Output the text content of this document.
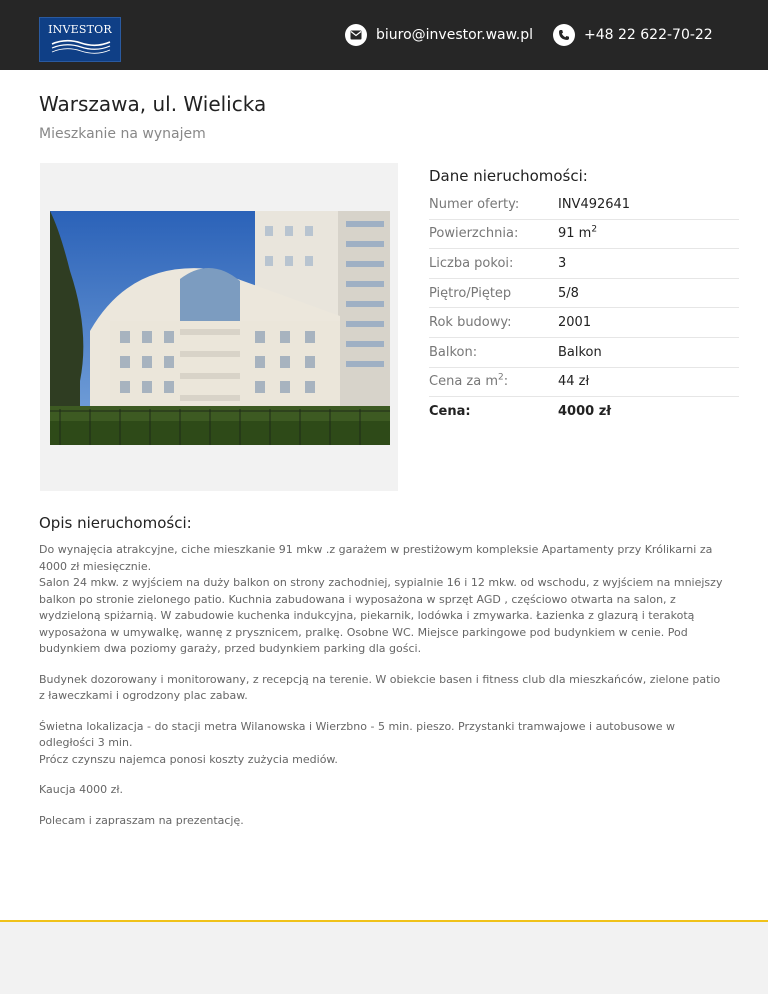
INVESTOR	biuro@investor.waw.pl	+48 22 622-70-22
Warszawa, ul. Wielicka
Mieszkanie na wynajem
Dane nieruchomości:
Numer oferty:	INV492641
Powierzchnia:	91 $m^2$
Liczba pokoi:	3
Piętro/Piętер	5/8
Rok budowy:	2001
Balkon:	Balkon
Cena za $m^2$:	44 zł
Cena:	4000 zł
Opis nieruchomości:

Do wynajęcia atrakcyjne, ciche mieszkanie 91 mkw .z garażem w prestiżowym kompleksie Apartamenty przy Królikarni za 4000 zł miesięcznie.
Salon 24 mkw. z wyjściem na duży balkon on strony zachodniej, sypialnie 16 i 12 mkw. od wschodu, z wyjściem na mniejszy balkon po stronie zielonego patio. Kuchnia zabudowana i wyposażona w sprzęt AGD , częściowo otwarta na salon, z wydzieloną spiżarnią. W zabudowie kuchenka indukcyjna, piekarnik, lodówka i zmywarka. Łazienka z glazurą i terakotą wyposażona w umywalkę, wannę z prysznicem, pralkę. Osobne WC. Miejsce parkingowe pod budynkiem w cenie. Pod budynkiem dwa poziomy garaży, przed budynkiem parking dla gości.

Budynek dozorowany i monitorowany, z recepcją na terenie. W obiekcie basen i fitness club dla mieszkańców, zielone patio z ławeczkami i ogrodzony plac zabaw.

Świetna lokalizacja - do stacji metra Wilanowska i Wierzbno - 5 min. pieszo. Przystanki tramwajowe i autobusowe w odległości 3 min.
Prócz czynszu najemca ponosi koszty zużycia mediów.

Kaucja 4000 zł.

Polecam i zapraszam na prezentację.
